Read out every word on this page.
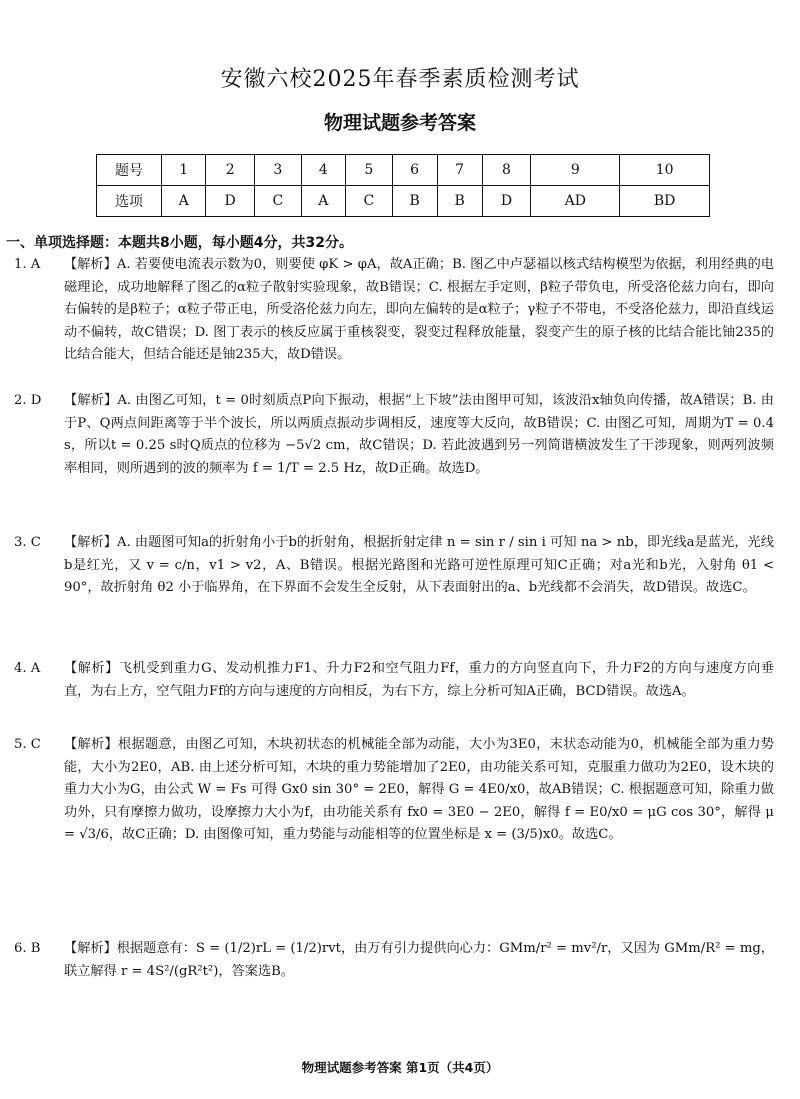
安徽六校2025年春季素质检测考试
物理试题参考答案
题号	1	2	3	4	5	6	7	8	9	10
选项	A	D	C	A	C	B	B	D	AD	BD
一、单项选择题：本题共8小题，每小题4分，共32分。
1. A	【解析】A. 若要使电流表示数为0，则要使 φK > φA，故A正确；B. 图乙中卢瑟福以核式结构模型为依据，利用经典的电磁理论，成功地解释了图乙的α粒子散射实验现象，故B错误；C. 根据左手定则，β粒子带负电，所受洛伦兹力向右，即向右偏转的是β粒子；α粒子带正电，所受洛伦兹力向左，即向左偏转的是α粒子；γ粒子不带电，不受洛伦兹力，即沿直线运动不偏转，故C错误；D. 图丁表示的核反应属于重核裂变，裂变过程释放能量，裂变产生的原子核的比结合能比铀235的比结合能大，但结合能还是铀235大，故D错误。
2. D	【解析】A. 由图乙可知，t = 0时刻质点P向下振动，根据“上下坡”法由图甲可知，该波沿x轴负向传播，故A错误；B. 由于P、Q两点间距离等于半个波长，所以两质点振动步调相反，速度等大反向，故B错误；C. 由图乙可知，周期为T = 0.4 s，所以t = 0.25 s时Q质点的位移为 −5√2 cm，故C错误；D. 若此波遇到另一列简谐横波发生了干涉现象，则两列波频率相同，则所遇到的波的频率为 f = 1/T = 2.5 Hz，故D正确。故选D。
3. C	【解析】A. 由题图可知a的折射角小于b的折射角，根据折射定律 n = sin r / sin i 可知 na > nb，即光线a是蓝光，光线b是红光，又 v = c/n，v1 > v2，A、B错误。根据光路图和光路可逆性原理可知C正确；对a光和b光，入射角 θ1 < 90°，故折射角 θ2 小于临界角，在下界面不会发生全反射，从下表面射出的a、b光线都不会消失，故D错误。故选C。
4. A	【解析】飞机受到重力G、发动机推力F1、升力F2和空气阻力Ff，重力的方向竖直向下，升力F2的方向与速度方向垂直，为右上方，空气阻力Ff的方向与速度的方向相反，为右下方，综上分析可知A正确，BCD错误。故选A。
5. C	【解析】根据题意，由图乙可知，木块初状态的机械能全部为动能，大小为3E0，末状态动能为0，机械能全部为重力势能，大小为2E0，AB. 由上述分析可知，木块的重力势能增加了2E0，由功能关系可知，克服重力做功为2E0，设木块的重力大小为G，由公式 W = Fs 可得 Gx0 sin 30° = 2E0，解得 G = 4E0/x0，故AB错误；C. 根据题意可知，除重力做功外，只有摩擦力做功，设摩擦力大小为f，由功能关系有 fx0 = 3E0 − 2E0，解得 f = E0/x0 = μG cos 30°，解得 μ = √3/6，故C正确；D. 由图像可知，重力势能与动能相等的位置坐标是 x = (3/5)x0。故选C。
6. B	【解析】根据题意有：S = (1/2)rL = (1/2)rvt，由万有引力提供向心力：GMm/r² = mv²/r，又因为 GMm/R² = mg，联立解得 r = 4S²/(gR²t²)，答案选B。
物理试题参考答案 第1页（共4页）
